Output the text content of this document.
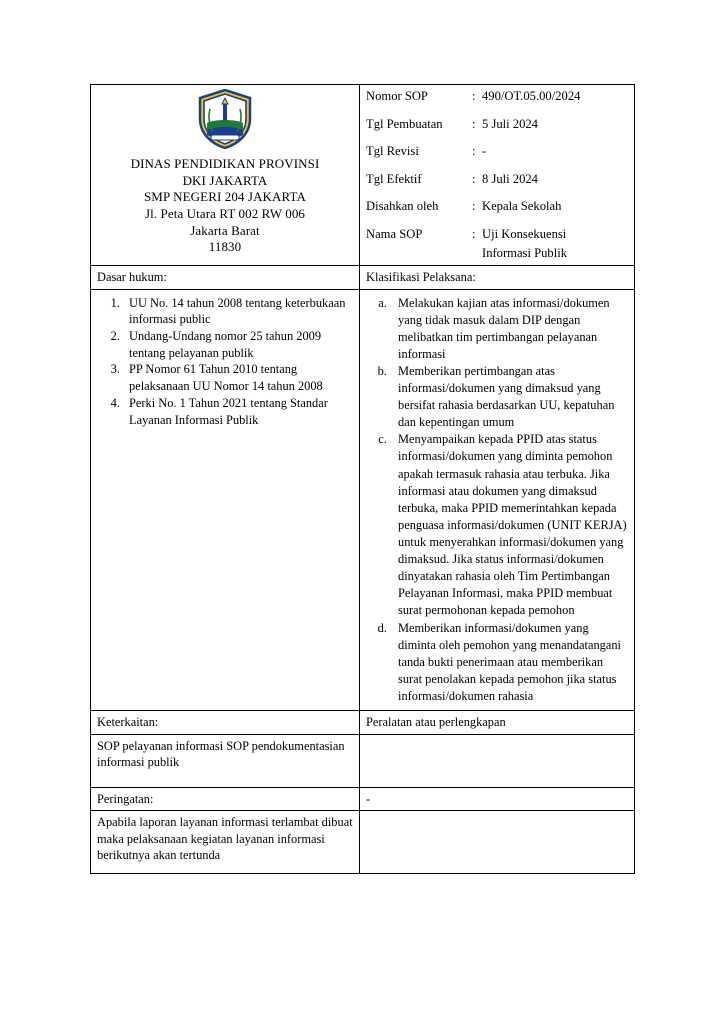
DINAS PENDIDIKAN PROVINSI
DKI JAKARTA
SMP NEGERI 204 JAKARTA
Jl. Peta Utara RT 002 RW 006
Jakarta Barat
11830

Nomor SOP	: 490/OT.05.00/2024
Tgl Pembuatan	: 5 Juli 2024
Tgl Revisi	: -
Tgl Efektif	: 8 Juli 2024
Disahkan oleh	: Kepala Sekolah
Nama SOP	: Uji Konsekuensi
Informasi Publik

Dasar hukum:	Klasifikasi Pelaksana:

1. UU No. 14 tahun 2008 tentang keterbukaan informasi public
2. Undang-Undang nomor 25 tahun 2009 tentang pelayanan publik
3. PP Nomor 61 Tahun 2010 tentang pelaksanaan UU Nomor 14 tahun 2008
4. Perki No. 1 Tahun 2021 tentang Standar Layanan Informasi Publik

a. Melakukan kajian atas informasi/dokumen yang tidak masuk dalam DIP dengan melibatkan tim pertimbangan pelayanan informasi
b. Memberikan pertimbangan atas informasi/dokumen yang dimaksud yang bersifat rahasia berdasarkan UU, kepatuhan dan kepentingan umum
c. Menyampaikan kepada PPID atas status informasi/dokumen yang diminta pemohon apakah termasuk rahasia atau terbuka. Jika informasi atau dokumen yang dimaksud terbuka, maka PPID memerintahkan kepada penguasa informasi/dokumen (UNIT KERJA) untuk menyerahkan informasi/dokumen yang dimaksud. Jika status informasi/dokumen dinyatakan rahasia oleh Tim Pertimbangan Pelayanan Informasi, maka PPID membuat surat permohonan kepada pemohon
d. Memberikan informasi/dokumen yang diminta oleh pemohon yang menandatangani tanda bukti penerimaan atau memberikan surat penolakan kepada pemohon jika status informasi/dokumen rahasia

Keterkaitan:	Peralatan atau perlengkapan
SOP pelayanan informasi SOP pendokumentasian informasi publik	
Peringatan:	-
Apabila laporan layanan informasi terlambat dibuat maka pelaksanaan kegiatan layanan informasi berikutnya akan tertunda	
